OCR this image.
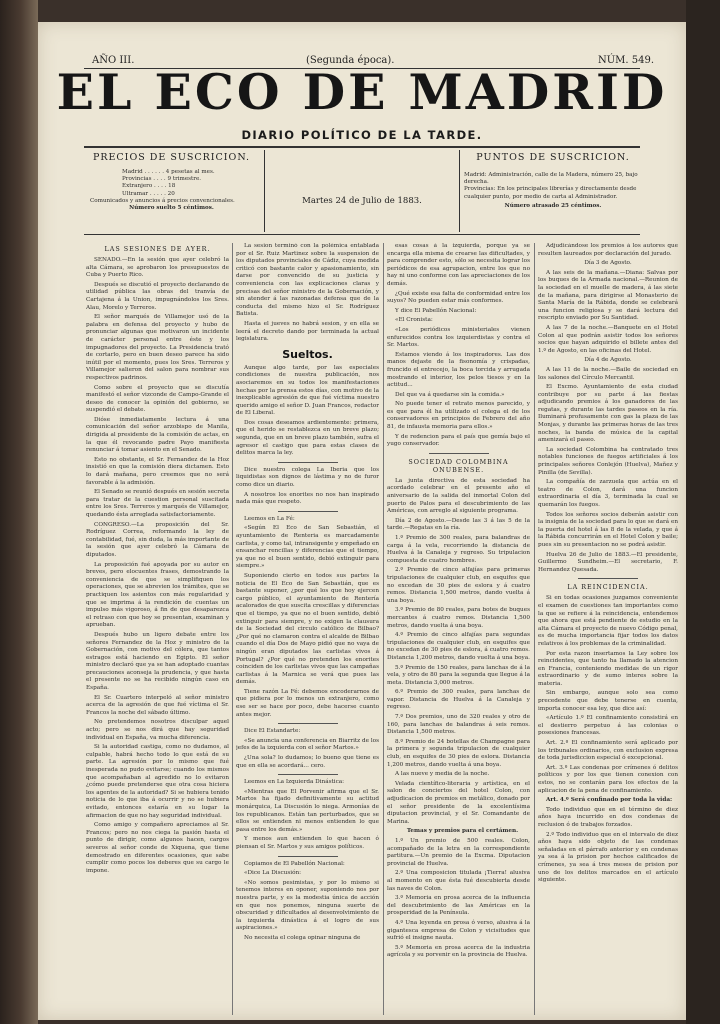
AÑO III.	(Segunda época).	NÚM. 549.
EL ECO DE MADRID
DIARIO POLÍTICO DE LA TARDE.
PRECIOS DE SUSCRICION.
Madrid . . . . . . 4 pesetas al mes.
Provincias . . . . 9 trimestre.
Extranjero . . . . 18
Ultramar . . . . . 20
Comunicados y anuncios á precios convencionales.
Número suelto 5 céntimos.
Martes 24 de Julio de 1883.
PUNTOS DE SUSCRICION.
Madrid: Administración, calle de la Madera, número 25, bajo derecha.
Provincias: En los principales librerías y directamente desde cualquier punto, por medio de carta al Administrador.
Número atrasado 25 céntimos.
LAS SESIONES DE AYER.

SENADO.—En la sesión que ayer celebró la alta Cámara, se aprobaron los presupuestos de Cuba y Puerto Rico.

Después se discutió el proyecto declarando de utilidad pública las obras del tranvía de Cartajena á la Union, impugnándolos los Sres. Alau, Morelo y Terreros.

El señor marqués de Villamejor usó de la palabra en defensa del proyecto y hubo de pronunciar algunas que motivaron un incidente de carácter personal entre éste y los impugnadores del proyecto. La Presidencia trató de cortarlo, pero en buen deseo parece ha sido inútil por el momento, pues los Sres. Terreros y Villamejor salieron del salon para nombrar sus respectivos padrinos.

Como sobre el proyecto que se discutía manifestó el señor vizconde de Campo-Grande el deseo de conocer la opinión del gobierno, se suspendió el debate.

Dióse inmediatamente lectura á una comunicación del señor arzobispo de Manila, dirigida al presidente de la comisión de actas, en la que él revocando padre Payo manifiesta renunciar á tomar asiento en el Senado.

Esto no obstante, el Sr. Fernandez de la Hoz insistió en que la comisión diera dictamen. Esto lo dará mañana, pero creemos que no será favorable á la admisión.

El Senado se reunió después en sesión secreta para tratar de la cuestion personal suscitada entre los Sres. Terreros y marqués de Villamejor, quedando ésta arreglada satisfactoriamente.

CONGRESO.—La proposición del Sr. Rodríguez Correa, reformando la ley de contabilidad, fué, sin duda, la más importante de la sesión que ayer celebró la Cámara de diputados.

La proposición fué apoyada por su autor en breves, pero elocuentes frases, demostrando la conveniencia de que se simplifiquen los operaciones, que se abrevien los trámites, que se practiquen los asientos con más regularidad y que se imprima á la rendición de cuentas un impulso más vigoroso, á fin de que desaparezca el retraso con que hoy se presentan, examinan y aprueban.

Después hubo un ligero debate entre los señores Fernandez de la Hoz y ministro de la Gobernación, con motivo del cólera, que tantos estragos está haciendo en Egipto. El señor ministro declaró que ya se han adoptado cuantas precauciones aconseja la prudencia, y que hasta el presente no se ha recibido ningún caso en España.

El Sr. Cuartero interpeló al señor ministro acerca de la agresión de que fué víctima el Sr. Francos la noche del sábado último.

No pretendemos nosotros disculpar aquel acto; pero se nos dirá que hay seguridad individual en España, va mucha diferencia.

Si la autoridad castiga, como no dudamos, al culpable, habrá hecho todo lo que está de su parte. La agresión por lo mismo que fué inesperada no pudo evitarse; cuando los mismos que acompañaban al agredido no lo evitaron ¿cómo puede pretenderse que otra cosa hiciera los agentes de la autoridad? Si se hubiera tenido noticia de lo que iba á ocurrir y no se hubiera evitado, entonces estaría en su lugar la afirmacion de que no hay seguridad individual.

Como amigo y compañero apreciamos al Sr. Francos; pero no nos ciega la pasión hasta el punto de dirigir, como algunos hacen, cargos severos al señor conde de Xiquena, que tiene demostrado en diferentes ocasiones, que sabe cumplir como pocos los deberes que su cargo le impone.

La sesion terminó con la polémica entablada por el Sr. Ruiz Martinez sobre la suspension de los diputados provinciales de Cádiz, cuya medida criticó con bastante calor y apasionamiento, sin darse por convencido de su justicia y conveniencia con las explicaciones claras y precisas del señor ministro de la Gobernación, y sin atender á las razonadas defensa que de la conducta del mismo hizo el Sr. Rodríguez Batista.

Hasta el jueves no habrá sesion, y en ella se leerá el decreto dando por terminada la actual legislatura.

Sueltos.

Aunque algo tarde, por las especiales condiciones de nuestra publicación, nos asociaremos en su todos los manifestaciones hechas por la prensa estos días, con motivo de la inexplicable agresión de que fué víctima nuestro querido amigo el señor D. Juan Francos, redactor de El Liberal.

Dos cosas deseamos ardientemente: primera, que el herido se restablezca en un breve plazo; segunda, que en un breve plazo también, sufra el agresor el castigo que para estas clases de delitos marca la ley.

Dice nuestro colega La Iberia que los liquidistas son dignos de lástima y no de furor como dice un diario.

A nosotros los enorites no nos han inspirado nada más que respeto.

Leemos en La Fé:

«Según El Eco de San Sebastián, el ayuntamiento de Renteria es marcadamente carlista, y como tal, intransigente y empeñado en ensanchar rencillas y diferencias que el tiempo, ya que no el buen sentido, debió extinguir para siempre.»

Suponiendo cierto en todos sus partes la noticia de El Eco de San Sebastián, que es bastante suponer, ¿por qué los que hoy ejercen cargo público, el ayuntamiento de Rentería acalorados de que suscita crescillas y diferencias que el tiempo, ya que no el buen sentido, debió extinguir para siempre, y no exigen la clausura de la Sociedad del circulo católico de Bilbao? ¿Por qué no clamaron contra el alcalde de Bilbao cuando el día Dos de Mayo pidió que no vaya de ningún eran diputados las carlistas vivos á Portugal? ¿Por qué no pretenden los enorites coinciden de los carlistas vivos que las campañas carlistas á la Marnica se verá que pues las demás.

Tiene razón La Fé: debemos encoderarnos de que pidiera por lo menos un extranjero, como ese ser se hace por poco, debe hacerse cuanto antes mejor.

Dice El Estandarte:

«Se anuncia una conferencia en Biarritz de los jefes de la izquierda con el señor Martos.»

¿Una sola? lo dudamos; lo bueno que tiene es que en ella se acordará... cero.

Leemos en La Izquierda Dinástica:

«Mientras que El Porvenir afirma que el Sr. Martos ha fijado definitivamente su actitud monárquica, La Discusión lo niega. Armonías de los republicanos. Están tan perturbados, que se ellos se entienden ni menos entienden lo que pasa entre los demás.»

Y menos aun entienden lo que hacen ó piensan el Sr. Martos y sus amigos políticos.

Copiamos de El Pabellón Nacional:

«Dice La Discusión:

«No somos pesimistas, y por lo mismo si tenemos interes en oponer, suponiendo nos por nuestra parte, y es la modestia única de acción en que nos ponemos, ninguna suerte de obscuridad y dificultades al desenvolvimiento de la izquierda dinástica á el logro de sus aspiraciones.»

No necesita el colega opinar ninguna de

esas cosas á la izquierda, porque ya se encarga ella misma de crearse las dificultades, y para comprender esto, sólo se necesita lograr los periódicos de esa agrupacion, entre los que no hay ni uno conforme con las apreciaciones de los demás.

¿Qué existe esa falta de conformidad entre los suyos? No pueden estar más conformes.

Y dice El Pabellón Nacional:

«El Cronista:

«Los periódicos ministeriales vienen enfurecidos contra los izquierdistas y contra el Sr. Martos.

Estamos viendo á los inspiradores. Las dos manos dejaste de la fisonomía y crispadas, fruncido el entrecejo, la boca torcida y arrugada mostrando el interior, los pelos tiesos y en la actitud...

Del que va á quedarse sin la comida.»

No puede tener el retrato menos parecido, y es que para él ha utilizado el colega el de los conservadores en principios de Febrero del año 81, de infausta memoria para ellos.»

Y de redencion para el país que gemía bajo el yugo conservador.

SOCIEDAD COLOMBINA ONUBENSE.

La junta directiva de esta sociedad ha acordado celebrar en el presente año el aniversario de la salida del inmortal Colon del puerto de Palos para el descubrimiento de las Américas, con arreglo al siguiente programa.

Día 2 de Agosto.—Desde las 3 á las 5 de la tarde.—Regatas en la ría.

1.º Premio de 300 reales, para balandras de carga á la vela, recorriendo la distancia de Huelva á la Canaleja y regreso. Su tripulacion compuesta de cuatro hombres.

2.º Premio de cinco alfajías para primeras tripulaciones de cualquier club, en esquifes que no excedan de 30 pies de eslora y á cuatro remos. Distancia 1,500 metros, dando vuelta á una boya.

3.º Premio de 80 reales, para botes de buques mercantes á cuatro remos. Distancia 1,500 metros, dando vuelta á una boya.

4.º Premio de cinco alfajías para segundas tripulaciones de cualquier club, en esquifes que no excedan de 30 pies de eslora, á cuatro remos. Distancia 1,200 metros, dando vuelta á una boya.

5.º Premio de 150 reales, para lanchas de á la vela, y otro de 80 para la segunda que llegue á la meta. Distancia 3,000 metros.

6.º Premio de 300 reales, para lanchas de vapor. Distancia de Huelva á la Canaleja y regreso.

7.º Dos premios, uno de 320 reales y otro de 160, para lanchas de balandras á seis remos. Distancia 1,500 metros.

8.º Premio de 24 botellas de Champagne para la primera y segunda tripulacion de cualquier club, en esquifes de 30 pies de eslora. Distancia 1,200 metros, dando vuelta á una boya.

A las nueve y media de la noche.

Velada científico-literaria y artística, en el salon de conciertos del hotel Colon, con adjudicacion de premios en metálico, donado por el señor presidente de la excelentísima diputacion provincial, y el Sr. Comandante de Marina.

Temas y premios para el certámen.

1.º Un premio de 500 reales. Colon, acompañado de la letra en la correspondiente partitura.—Un premio de la Excma. Diputacion provincial de Huelva.

2.º Una composicion titulada ¡Tierra! alusiva al momento en que ésta fué descubierta desde las naves de Colon.

3.º Memoria en prosa acerca de la influencia del descubrimiento de las Américas en la prosperidad de la Península.

4.º Una leyenda en prosa ó verso, alusiva á la gigantesca empresa de Colon y vicisitudes que sufrió el insigne nauta.

5.º Memoria en prosa acerca de la industria agrícola y su porvenir en la provincia de Huelva.

Adjudicándose los premios á los autores que resulten laureados por declaración del jurado.

Día 3 de Agosto.

A las seis de la mañana.—Diana: Salvas por los buques de la Armada nacional.—Reunion de la sociedad en el muelle de madera, á las siete de la mañana, para dirigirse al Monasterio de Santa María de la Rábida, donde se celebrará una funcion religiosa y se dará lectura del rescripto enviado por Su Santidad.

A las 7 de la noche.—Banquete en el Hotel Colon al que podrán asistir todos los señores socios que hayan adquirido el billete antes del 1.º de Agosto, en las oficinas del Hotel.

Día 4 de Agosto.

A las 11 de la noche.—Baile de sociedad en los salones del Círculo Mercantil.

El Excmo. Ayuntamiento de esta ciudad contribuye por su parte á las fiestas adjudicando premios á los ganadores de las regatas, y durante las tardes paseos en la ría. Iluminará profusamente con gas la plaza de las Monjas, y durante las primeras horas de las tres noches, la banda de música de la capital amenizará el paseo.

La sociedad Colombina ha contratado tres notables funciones de fuegos artificiales á los principales señores Conlejón (Huelva), Mañez y Pinilla (de Sevilla).

La compañía de zarzuela que actúa en el teatro de Colon, dará una funcion extraordinaria el día 3, terminada la cual se quemarán los fuegos.

Todos los señores socios deberán asistir con la insignia de la sociedad para lo que se dará en la puerta del hotel á las 8 de la velada, y que á la Rábida concurrirán en el Hotel Colon y baile; pues sin su presentacion no se podrá asistir.

Huelva 26 de Julio de 1883.—El presidente, Guillermo Sundheim.—El secretario, F. Hernandez Quesada.

LA REINCIDENCIA.

Si en todas ocasiones juzgamos conveniente el examen de cuestiones tan importantes como la que se refiere á la reincidencia, entendemos que ahora que está pendiente de estudio en la alta Cámara el proyecto de nuevo Código penal, es de mucha importancia fijar todos los datos relativos á los problemas de la criminalidad.

Por esta razon insertamos la Ley sobre los reincidentes, que tanto ha llamado la atencion en Francia, conteniendo medidas de un rigor extraordinario y de sumo interes sobre la materia.

Sin embargo, aunque solo sea como precedente que debe tenerse en cuenta, importa conocer esa ley, que dice así:

«Artículo 1.º El confinamiento consistirá en el destierro perpetuo á las colonias o posesiones francesas.

Art. 2.º El confinamiento será aplicado por los tribunales ordinarios, con exclusion expresa de toda jurisdiccion especial ó excepcional.

Art. 3.º Las condenas por crímenes ó delitos políticos y por los que tienen conexion con estos, no se contarán para los efectos de la aplicacion de la pena de confinamiento.

Art. 4.º Será confinado por toda la vida:

Todo individuo que en el término de diez años haya incurrido en dos condenas de reclusion ó de trabajos forzados.

2.º Todo individuo que en el intervalo de diez años haya sido objeto de las condenas señaladas en el párrafo anterior y en condenas ya sea á la prision por hechos calificados de crímenes, ya sea á tres meses de prision por uno de los delitos marcados en el artículo siguiente.
